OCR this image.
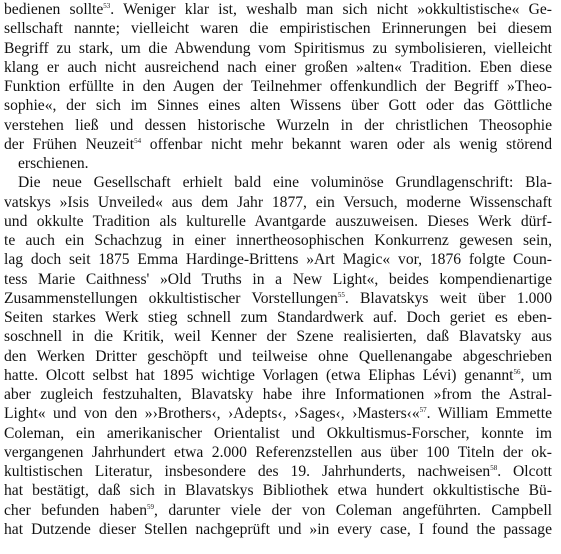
bedienen sollte$^{53}$. Weniger klar ist, weshalb man sich nicht »okkultistische« Ge-
sellschaft nannte; vielleicht waren die empiristischen Erinnerungen bei diesem
Begriff zu stark, um die Abwendung vom Spiritismus zu symbolisieren, vielleicht
klang er auch nicht ausreichend nach einer großen »alten« Tradition. Eben diese
Funktion erfüllte in den Augen der Teilnehmer offenkundlich der Begriff »Theo-
sophie«, der sich im Sinnes eines alten Wissens über Gott oder das Göttliche
verstehen ließ und dessen historische Wurzeln in der christlichen Theosophie
der Frühen Neuzeit$^{54}$ offenbar nicht mehr bekannt waren oder als wenig störend
erschienen.
Die neue Gesellschaft erhielt bald eine voluminöse Grundlagenschrift: Bla-
vatskys »Isis Unveiled« aus dem Jahr 1877, ein Versuch, moderne Wissenschaft
und okkulte Tradition als kulturelle Avantgarde auszuweisen. Dieses Werk dürf-
te auch ein Schachzug in einer innertheosophischen Konkurrenz gewesen sein,
lag doch seit 1875 Emma Hardinge-Brittens »Art Magic« vor, 1876 folgte Coun-
tess Marie Caithness' »Old Truths in a New Light«, beides kompendienartige
Zusammenstellungen okkultistischer Vorstellungen$^{55}$. Blavatskys weit über 1.000
Seiten starkes Werk stieg schnell zum Standardwerk auf. Doch geriet es eben-
soschnell in die Kritik, weil Kenner der Szene realisierten, daß Blavatsky aus
den Werken Dritter geschöpft und teilweise ohne Quellenangabe abgeschrieben
hatte. Olcott selbst hat 1895 wichtige Vorlagen (etwa Eliphas Lévi) genannt$^{56}$, um
aber zugleich festzuhalten, Blavatsky habe ihre Informationen »from the Astral-
Light« und von den »›Brothers‹, ›Adepts‹, ›Sages‹, ›Masters‹«$^{57}$. William Emmette
Coleman, ein amerikanischer Orientalist und Okkultismus-Forscher, konnte im
vergangenen Jahrhundert etwa 2.000 Referenzstellen aus über 100 Titeln der ok-
kultistischen Literatur, insbesondere des 19. Jahrhunderts, nachweisen$^{58}$. Olcott
hat bestätigt, daß sich in Blavatskys Bibliothek etwa hundert okkultistische Bü-
cher befunden haben$^{59}$, darunter viele der von Coleman angeführten. Campbell
hat Dutzende dieser Stellen nachgeprüft und »in every case, I found the passage
